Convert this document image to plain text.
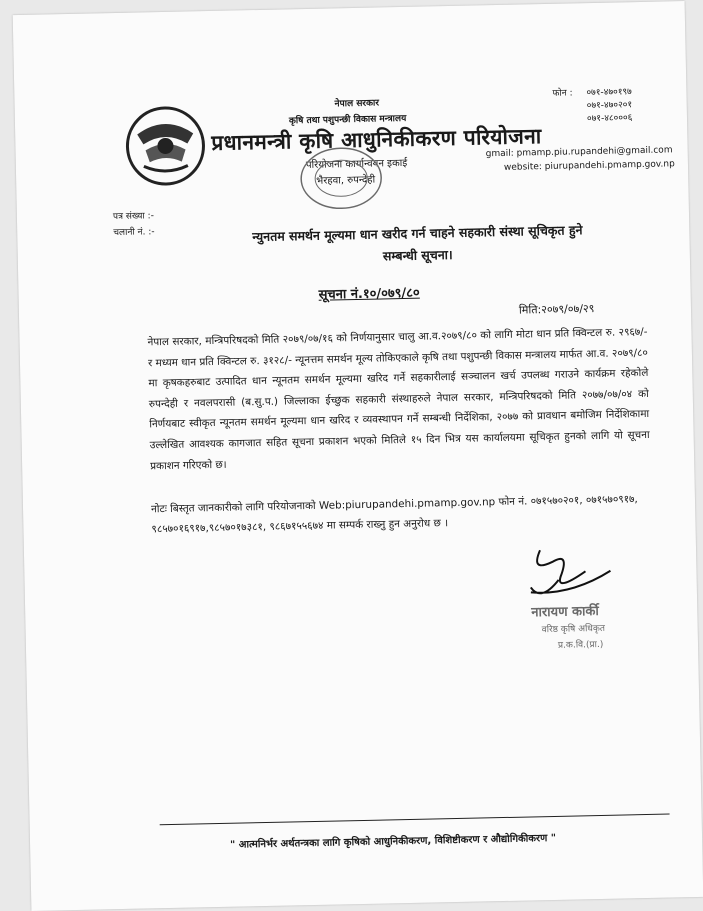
नेपाल सरकार
कृषि तथा पशुपन्छी विकास मन्त्रालय
प्रधानमन्त्री कृषि आधुनिकीकरण परियोजना
परियोजना कार्यान्वयन इकाई
भैरहवा, रुपन्देही
फोन : ०७१-४७०१९७
०७१-४७०२०१
०७१-४८०००६
gmail: pmamp.piu.rupandehi@gmail.com
website: piurupandehi.pmamp.gov.np
पत्र संख्या :-
चलानी नं. :-	न्युनतम समर्थन मूल्यमा धान खरीद गर्न चाहने सहकारी संस्था सूचिकृत हुने
सम्बन्धी सूचना।
सूचना नं.१०/०७९/८०
मिति:२०७९/०७/२९
नेपाल सरकार, मन्त्रिपरिषदको मिति २०७९/०७/१६ को निर्णयानुसार चालु आ.व.२०७९/८० को लागि मोटा धान प्रति क्विन्टल रु. २९६७/- र मध्यम धान प्रति क्विन्टल रु. ३१२८/- न्यूनत्तम समर्थन मूल्य तोकिएकाले कृषि तथा पशुपन्छी विकास मन्त्रालय मार्फत आ.व. २०७९/८० मा कृषकहरुबाट उत्पादित धान न्यूनतम समर्थन मूल्यमा खरिद गर्ने सहकारीलाई सञ्चालन खर्च उपलब्ध गराउने कार्यक्रम रहेकोले रुपन्देही र नवलपरासी (ब.सु.प.) जिल्लाका ईच्छुक सहकारी संस्थाहरुले नेपाल सरकार, मन्त्रिपरिषदको मिति २०७७/०७/०४ को निर्णयबाट स्वीकृत न्यूनतम समर्थन मूल्यमा धान खरिद र व्यवस्थापन गर्ने सम्बन्धी निर्देशिका, २०७७ को प्रावधान बमोजिम निर्देशिकामा उल्लेखित आवश्यक कागजात सहित सूचना प्रकाशन भएको मितिले १५ दिन भित्र यस कार्यालयमा सूचिकृत हुनको लागि यो सूचना प्रकाशन गरिएको छ।
नोटः बिस्तृत जानकारीको लागि परियोजनाको Web:piurupandehi.pmamp.gov.np फोन नं. ०७१५७०२०१, ०७१५७०९१७, ९८५७०१६९१७,९८५७०१७३८१, ९८६७१५५६७४ मा सम्पर्क राख्नु हुन अनुरोध छ ।
नारायण कार्की
वरिष्ठ कृषि अधिकृत
प्र.क.वि.(प्रा.)
" आत्मनिर्भर अर्थतन्त्रका लागि कृषिको आधुनिकीकरण, विशिष्टीकरण र औद्योगिकीकरण "
